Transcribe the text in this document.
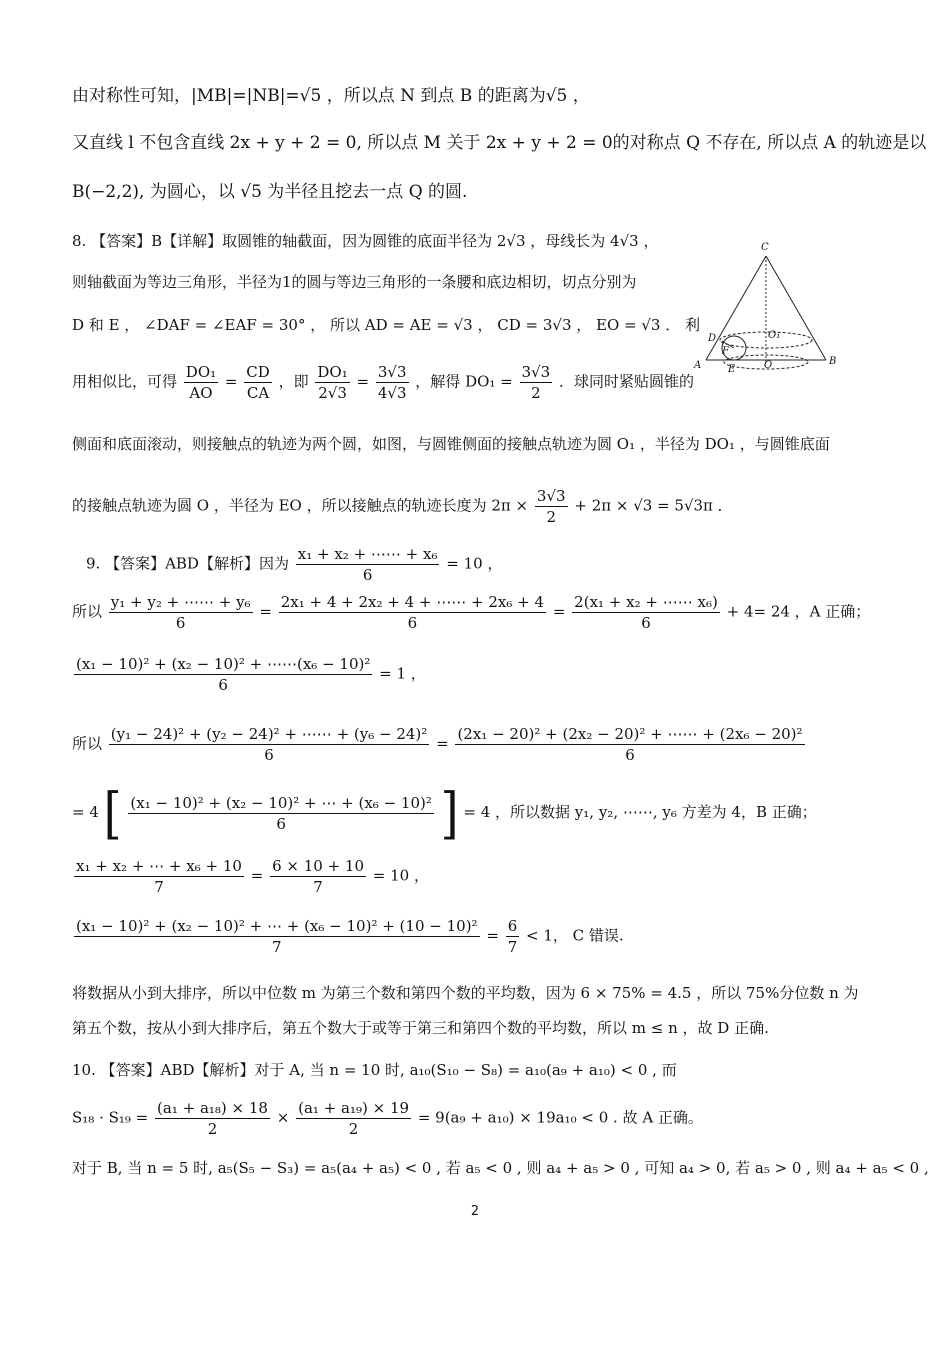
由对称性可知，|MB|=|NB|=√5 ，所以点 N 到点 B 的距离为√5 ，
又直线 l 不包含直线 2x + y + 2 = 0, 所以点 M 关于 2x + y + 2 = 0的对称点 Q 不存在, 所以点 A 的轨迹是以
B(−2,2), 为圆心，以 √5 为半径且挖去一点 Q 的圆.
8. 【答案】B【详解】取圆锥的轴截面，因为圆锥的底面半径为 2√3 ，母线长为 4√3 ，
则轴截面为等边三角形，半径为1的圆与等边三角形的一条腰和底边相切，切点分别为
D 和 E ， ∠DAF = ∠EAF = 30° ， 所以 AD = AE = √3 ， CD = 3√3 ， EO = √3 ． 利
用相似比，可得 $\frac{\text{DO₁}}{AO} = \frac{CD}{CA}$ ，即 $\frac{\text{DO₁}}{2√3} = \frac{3√3}{4√3}$ ，解得 $DO_1 = \frac{3√3}{2}$ ．球同时紧贴圆锥的
侧面和底面滚动，则接触点的轨迹为两个圆，如图，与圆锥侧面的接触点轨迹为圆 O₁ ，半径为 DO₁ ，与圆锥底面
的接触点轨迹为圆 O ，半径为 EO ，所以接触点的轨迹长度为 $2\pi \times \frac{3√3}{2} + 2\pi \times √3 = 5√3\pi$ ．
9. 【答案】ABD【解析】因为 $\frac{\text{x₁ + x₂ + ⋯⋯ + x₆}}{6} = 10$ ，
所以 $\frac{\text{y₁ + y₂ + ⋯⋯ + y₆}}{6} = \frac{\text{2x₁ + 4 + 2x₂ + 4 + ⋯⋯ + 2x₆ + 4}}{6} = \frac{\text{2(x₁ + x₂ + ⋯⋯ x₆)}}{6} + 4= 24$ ，A 正确；
$\frac{\text{(x₁ − 10)² + (x₂ − 10)² + ⋯⋯(x₆ − 10)²}}{6} = 1$ ，
所以 $\frac{\text{(y₁ − 24)² + (y₂ − 24)² + ⋯⋯ + (y₆ − 24)²}}{6} = \frac{\text{(2x₁ − 20)² + (2x₂ − 20)² + ⋯⋯ + (2x₆ − 20)²}}{6}$
= 4 [ $\frac{\text{(x₁ − 10)² + (x₂ − 10)² + ⋯ + (x₆ − 10)²}}{6}$ ] = 4 ，所以数据 y₁, y₂, ⋯⋯, y₆ 方差为 4，B 正确；
$\frac{\text{x₁ + x₂ + ⋯ + x₆ + 10}}{7} = \frac{6 \times 10 + 10}{7} = 10$ ，
$\frac{\text{(x₁ − 10)² + (x₂ − 10)² + ⋯ + (x₆ − 10)² + (10 − 10)²}}{7} = \frac{6}{7} < 1$， C 错误.
将数据从小到大排序，所以中位数 m 为第三个数和第四个数的平均数，因为 6 × 75% = 4.5 ，所以 75%分位数 n 为
第五个数，按从小到大排序后，第五个数大于或等于第三和第四个数的平均数，所以 m ≤ n ，故 D 正确.
10. 【答案】ABD【解析】对于 A, 当 n = 10 时, a₁₀(S₁₀ − S₈) = a₁₀(a₉ + a₁₀) < 0 , 而
$S_{18} \cdot S_{19} = \frac{\text{(a₁ + a₁₈) × 18}}{2} \times \frac{\text{(a₁ + a₁₉) × 19}}{2} = 9(a_9 + a_{10}) \times 19a_{10} < 0$ . 故 A 正确。
对于 B, 当 n = 5 时, a₅(S₅ − S₃) = a₅(a₄ + a₅) < 0 , 若 a₅ < 0 , 则 a₄ + a₅ > 0 , 可知 a₄ > 0, 若 a₅ > 0 , 则 a₄ + a₅ < 0 ,
C
D	O₁
F
A	E	O	B
2
